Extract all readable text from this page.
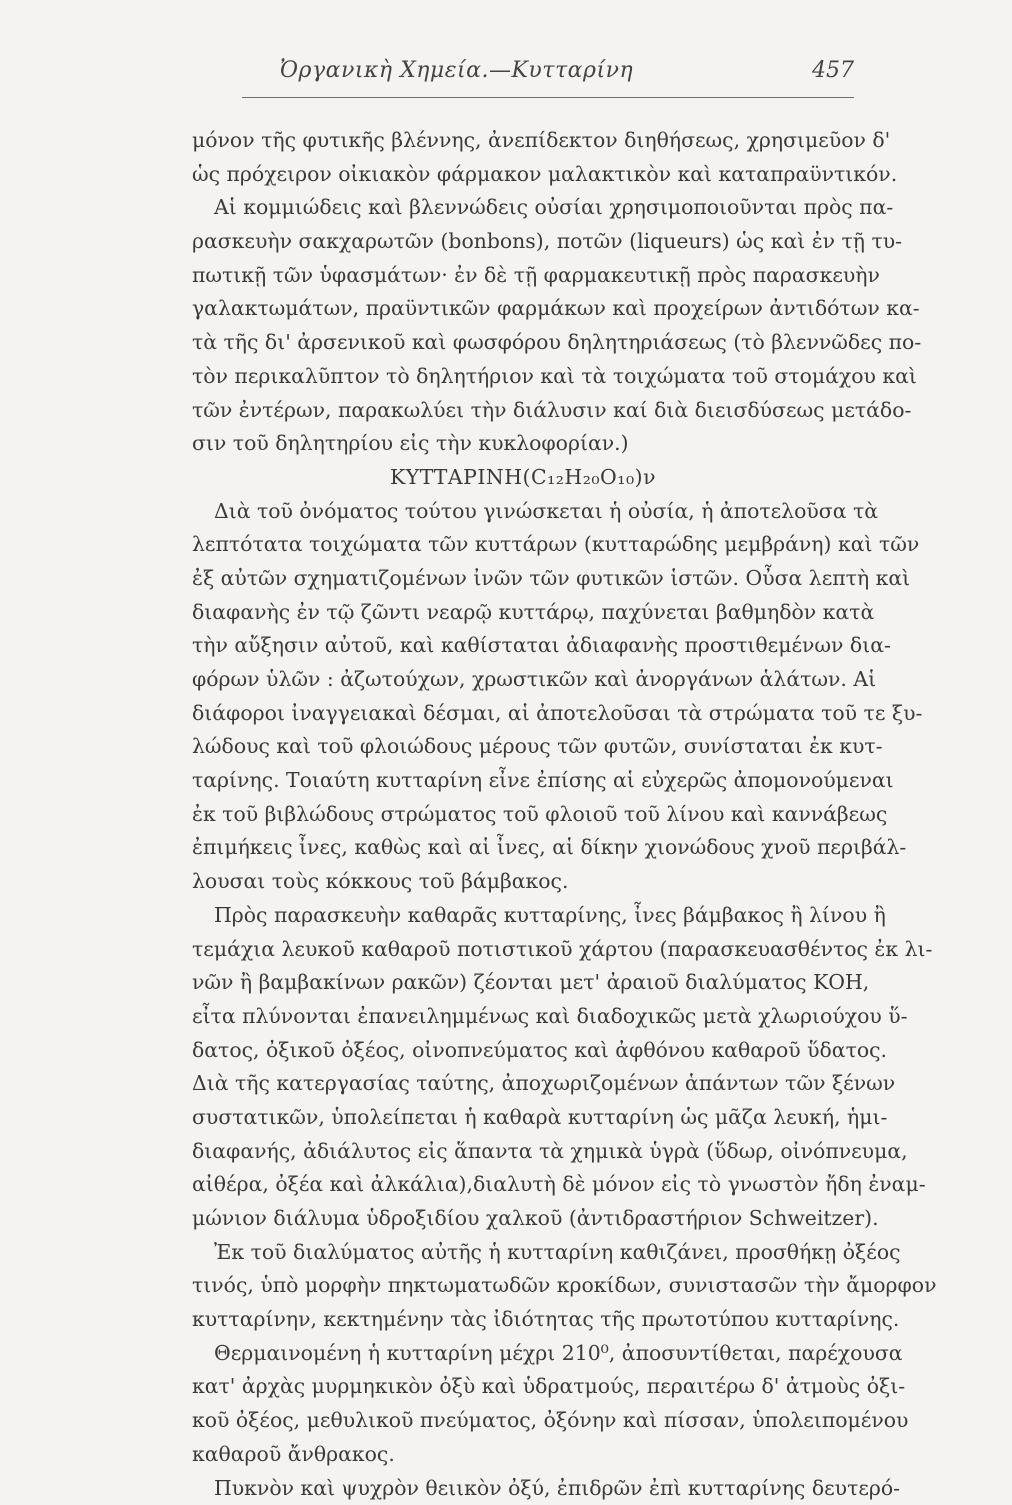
Ὀργανικὴ Χημεία.—Κυτταρίνη	457
μόνον τῆς φυτικῆς βλέννης, ἀνεπίδεκτον διηθήσεως, χρησιμεῦον δ'
ὡς πρόχειρον οἰκιακὸν φάρμακον μαλακτικὸν καὶ καταπραϋντικόν.
Αἱ κομμιώδεις καὶ βλεννώδεις οὐσίαι χρησιμοποιοῦνται πρὸς πα-
ρασκευὴν σακχαρωτῶν (bonbons), ποτῶν (liqueurs) ὡς καὶ ἐν τῇ τυ-
πωτικῇ τῶν ὑφασμάτων· ἐν δὲ τῇ φαρμακευτικῇ πρὸς παρασκευὴν
γαλακτωμάτων, πραϋντικῶν φαρμάκων καὶ προχείρων ἀντιδότων κα-
τὰ τῆς δι' ἀρσενικοῦ καὶ φωσφόρου δηλητηριάσεως (τὸ βλεννῶδες πο-
τὸν περικαλῦπτον τὸ δηλητήριον καὶ τὰ τοιχώματα τοῦ στομάχου καὶ
τῶν ἐντέρων, παρακωλύει τὴν διάλυσιν καί διὰ διεισδύσεως μετάδο-
σιν τοῦ δηλητηρίου εἰς τὴν κυκλοφορίαν.)
ΚΥΤΤΑΡΙΝΗ(C₁₂H₂₀O₁₀)ν
Διὰ τοῦ ὀνόματος τούτου γινώσκεται ἡ οὐσία, ἡ ἀποτελοῦσα τὰ
λεπτότατα τοιχώματα τῶν κυττάρων (κυτταρώδης μεμβράνη) καὶ τῶν
ἐξ αὐτῶν σχηματιζομένων ἰνῶν τῶν φυτικῶν ἱστῶν. Οὖσα λεπτὴ καὶ
διαφανὴς ἐν τῷ ζῶντι νεαρῷ κυττάρῳ, παχύνεται βαθμηδὸν κατὰ
τὴν αὔξησιν αὐτοῦ, καὶ καθίσταται ἀδιαφανὴς προστιθεμένων δια-
φόρων ὑλῶν : ἀζωτούχων, χρωστικῶν καὶ ἀνοργάνων ἁλάτων. Αἱ
διάφοροι ἰναγγειακαὶ δέσμαι, αἱ ἀποτελοῦσαι τὰ στρώματα τοῦ τε ξυ-
λώδους καὶ τοῦ φλοιώδους μέρους τῶν φυτῶν, συνίσταται ἐκ κυτ-
ταρίνης. Τοιαύτη κυτταρίνη εἶνε ἐπίσης αἱ εὐχερῶς ἀπομονούμεναι
ἐκ τοῦ βιβλώδους στρώματος τοῦ φλοιοῦ τοῦ λίνου καὶ καννάβεως
ἐπιμήκεις ἶνες, καθὼς καὶ αἱ ἶνες, αἱ δίκην χιονώδους χνοῦ περιβάλ-
λουσαι τοὺς κόκκους τοῦ βάμβακος.
Πρὸς παρασκευὴν καθαρᾶς κυτταρίνης, ἶνες βάμβακος ἢ λίνου ἢ
τεμάχια λευκοῦ καθαροῦ ποτιστικοῦ χάρτου (παρασκευασθέντος ἐκ λι-
νῶν ἢ βαμβακίνων ρακῶν) ζέονται μετ' ἀραιοῦ διαλύματος ΚΟΗ,
εἶτα πλύνονται ἐπανειλημμένως καὶ διαδοχικῶς μετὰ χλωριούχου ὕ-
δατος, ὀξικοῦ ὀξέος, οἰνοπνεύματος καὶ ἀφθόνου καθαροῦ ὕδατος.
Διὰ τῆς κατεργασίας ταύτης, ἀποχωριζομένων ἁπάντων τῶν ξένων
συστατικῶν, ὑπολείπεται ἡ καθαρὰ κυτταρίνη ὡς μᾶζα λευκή, ἡμι-
διαφανής, ἀδιάλυτος εἰς ἅπαντα τὰ χημικὰ ὑγρὰ (ὕδωρ, οἰνόπνευμα,
αἰθέρα, ὀξέα καὶ ἀλκάλια),διαλυτὴ δὲ μόνον εἰς τὸ γνωστὸν ἤδη ἐναμ-
μώνιον διάλυμα ὑδροξιδίου χαλκοῦ (ἀντιδραστήριον Schweitzer).
Ἐκ τοῦ διαλύματος αὐτῆς ἡ κυτταρίνη καθιζάνει, προσθήκῃ ὀξέος
τινός, ὑπὸ μορφὴν πηκτωματωδῶν κροκίδων, συνιστασῶν τὴν ἄμορφον
κυτταρίνην, κεκτημένην τὰς ἰδιότητας τῆς πρωτοτύπου κυτταρίνης.
Θερμαινομένη ἡ κυτταρίνη μέχρι 210⁰, ἀποσυντίθεται, παρέχουσα
κατ' ἀρχὰς μυρμηκικὸν ὀξὺ καὶ ὑδρατμούς, περαιτέρω δ' ἀτμοὺς ὀξι-
κοῦ ὀξέος, μεθυλικοῦ πνεύματος, ὀξόνην καὶ πίσσαν, ὑπολειπομένου
καθαροῦ ἄνθρακος.
Πυκνὸν καὶ ψυχρὸν θειικὸν ὀξύ, ἐπιδρῶν ἐπὶ κυτταρίνης δευτερό-
